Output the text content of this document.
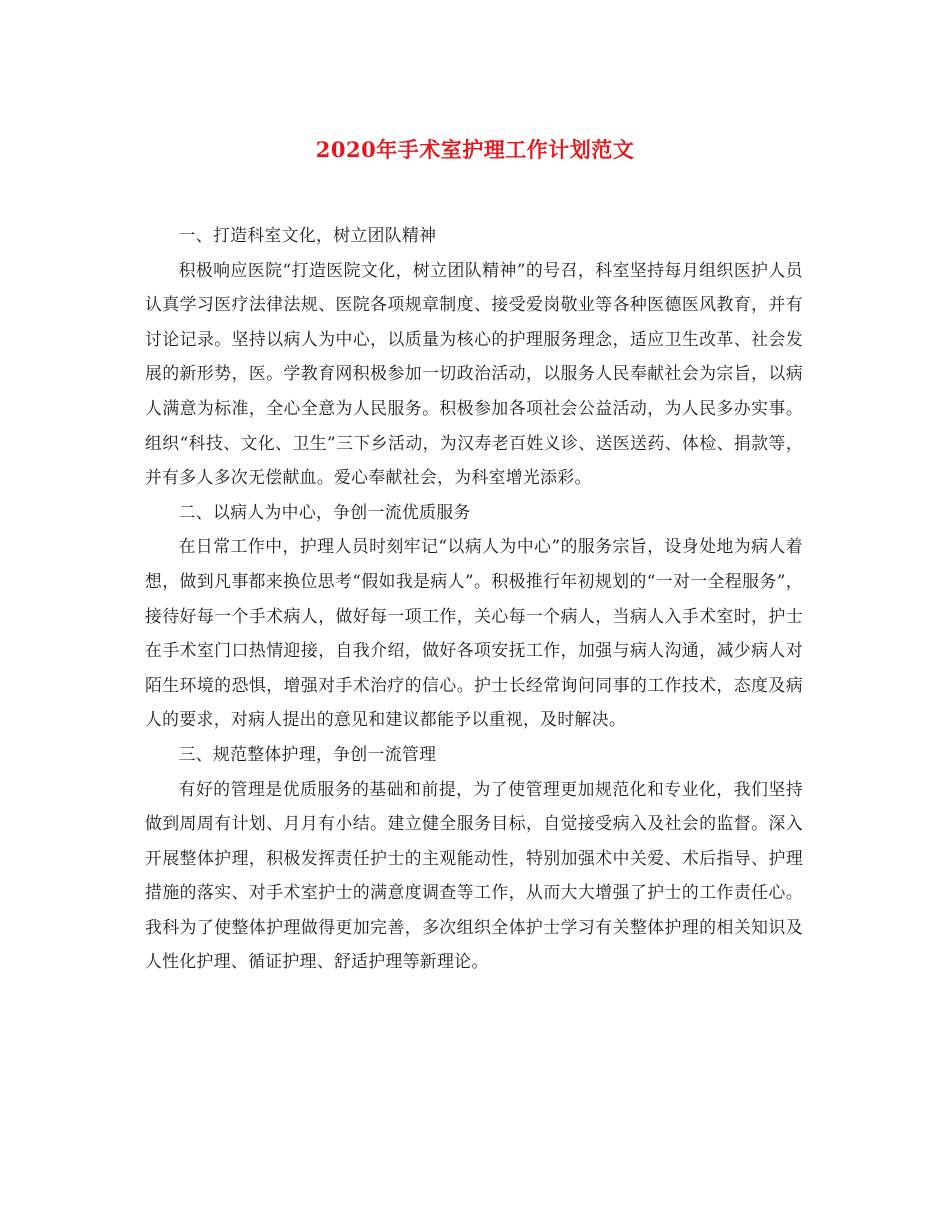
2020年手术室护理工作计划范文

一、打造科室文化，树立团队精神

积极响应医院“打造医院文化，树立团队精神”的号召，科室坚持每月组织医护人员认真学习医疗法律法规、医院各项规章制度、接受爱岗敬业等各种医德医风教育，并有讨论记录。坚持以病人为中心，以质量为核心的护理服务理念，适应卫生改革、社会发展的新形势，医。学教育网积极参加一切政治活动，以服务人民奉献社会为宗旨，以病人满意为标准，全心全意为人民服务。积极参加各项社会公益活动，为人民多办实事。组织“科技、文化、卫生”三下乡活动，为汉寿老百姓义诊、送医送药、体检、捐款等，并有多人多次无偿献血。爱心奉献社会，为科室增光添彩。

二、以病人为中心，争创一流优质服务

在日常工作中，护理人员时刻牢记“以病人为中心”的服务宗旨，设身处地为病人着想，做到凡事都来换位思考“假如我是病人”。积极推行年初规划的“一对一全程服务”，接待好每一个手术病人，做好每一项工作，关心每一个病人，当病人入手术室时，护士在手术室门口热情迎接，自我介绍，做好各项安抚工作，加强与病人沟通，减少病人对陌生环境的恐惧，增强对手术治疗的信心。护士长经常询问同事的工作技术，态度及病人的要求，对病人提出的意见和建议都能予以重视，及时解决。

三、规范整体护理，争创一流管理

有好的管理是优质服务的基础和前提，为了使管理更加规范化和专业化，我们坚持做到周周有计划、月月有小结。建立健全服务目标，自觉接受病入及社会的监督。深入开展整体护理，积极发挥责任护士的主观能动性，特别加强术中关爱、术后指导、护理措施的落实、对手术室护士的满意度调查等工作，从而大大增强了护士的工作责任心。我科为了使整体护理做得更加完善，多次组织全体护士学习有关整体护理的相关知识及人性化护理、循证护理、舒适护理等新理论。
